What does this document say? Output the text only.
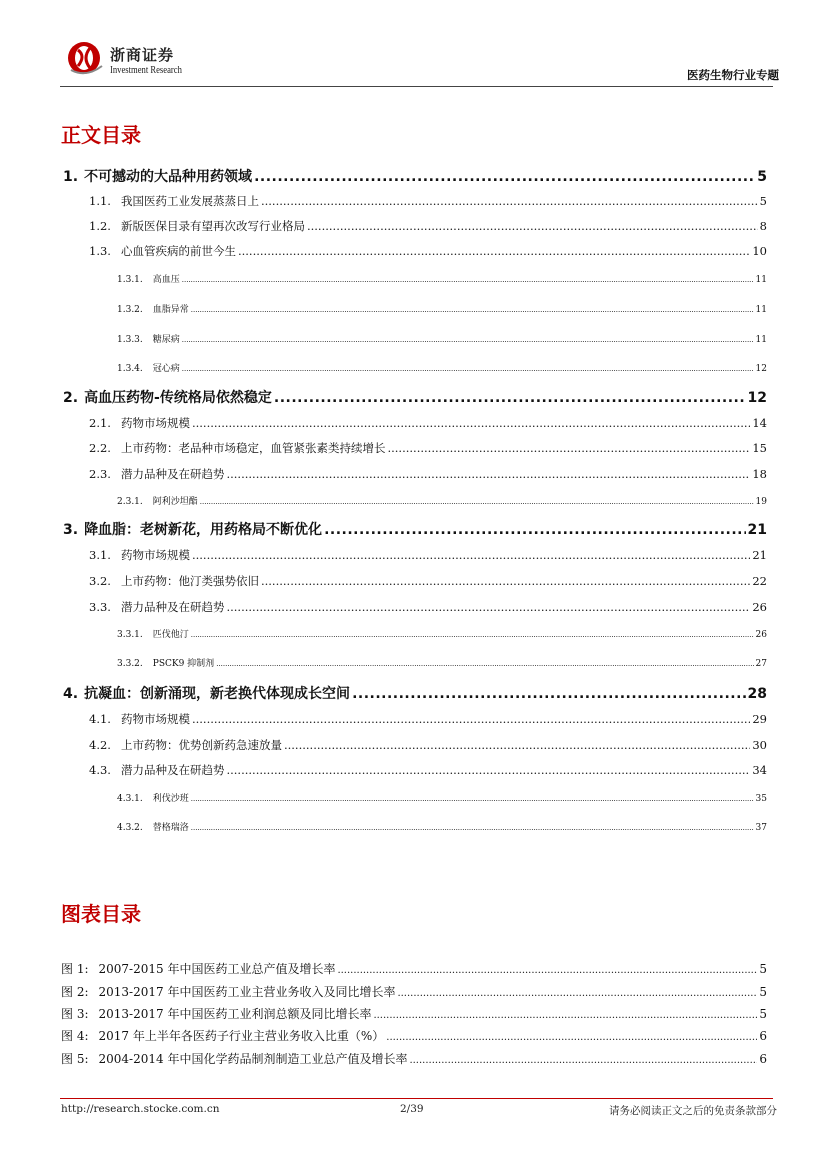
浙商证券
Investment Research	医药生物行业专题
正文目录
1. 不可撼动的大品种用药领域 .....	5
1.1. 我国医药工业发展蒸蒸日上 .....	5
1.2. 新版医保目录有望再次改写行业格局 .....	8
1.3. 心血管疾病的前世今生 .....	10
1.3.1. 高血压 .....	11
1.3.2. 血脂异常 .....	11
1.3.3. 糖尿病 .....	11
1.3.4. 冠心病 .....	12
2. 高血压药物-传统格局依然稳定 .....	12
2.1. 药物市场规模 .....	14
2.2. 上市药物：老品种市场稳定，血管紧张素类持续增长 .....	15
2.3. 潜力品种及在研趋势 .....	18
2.3.1. 阿利沙坦酯 .....	19
3. 降血脂：老树新花，用药格局不断优化 .....	21
3.1. 药物市场规模 .....	21
3.2. 上市药物：他汀类强势依旧 .....	22
3.3. 潜力品种及在研趋势 .....	26
3.3.1. 匹伐他汀 .....	26
3.3.2. PSCK9 抑制剂 .....	27
4. 抗凝血：创新涌现，新老换代体现成长空间 .....	28
4.1. 药物市场规模 .....	29
4.2. 上市药物：优势创新药急速放量 .....	30
4.3. 潜力品种及在研趋势 .....	34
4.3.1. 利伐沙班 .....	35
4.3.2. 替格瑞洛 .....	37
图表目录
图 1: 2007-2015 年中国医药工业总产值及增长率 .....	5
图 2: 2013-2017 年中国医药工业主营业务收入及同比增长率 .....	5
图 3: 2013-2017 年中国医药工业利润总额及同比增长率 .....	5
图 4: 2017 年上半年各医药子行业主营业务收入比重（%） .....	6
图 5: 2004-2014 年中国化学药品制剂制造工业总产值及增长率 .....	6
http://research.stocke.com.cn	2/39	请务必阅读正文之后的免责条款部分
